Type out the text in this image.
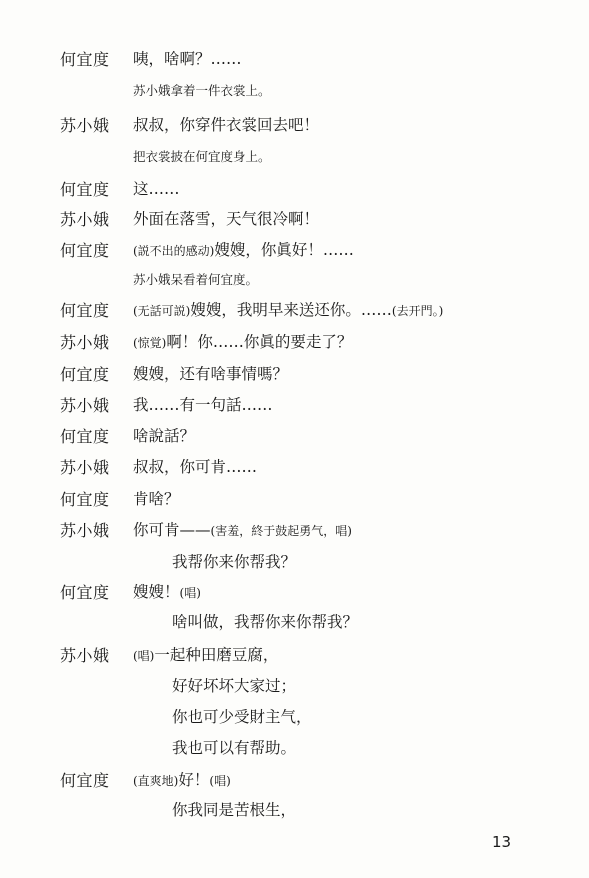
何宜度 咦，啥啊？……
苏小娥拿着一件衣裳上。
苏小娥 叔叔，你穿件衣裳回去吧！
把衣裳披在何宜度身上。
何宜度 这……
苏小娥 外面在落雪，天气很冷啊！
何宜度 (説不出的感动)嫂嫂，你眞好！……
苏小娥呆看着何宜度。
何宜度 (无話可説)嫂嫂，我明早来送还你。……(去开門。)
苏小娥 (惊覚)啊！你……你眞的要走了？
何宜度 嫂嫂，还有啥事情嗎？
苏小娥 我……有一句話……
何宜度 啥說話？
苏小娥 叔叔，你可肯……
何宜度 肯啥？
苏小娥 你可肯——(害羞，終于鼓起勇气，唱)
我帮你来你帮我？
何宜度 嫂嫂！(唱)
啥叫做，我帮你来你帮我？
苏小娥 (唱)一起种田磨豆腐，
好好坏坏大家过；
你也可少受財主气，
我也可以有帮助。
何宜度 (直爽地)好！(唱)
你我同是苦根生，
13
